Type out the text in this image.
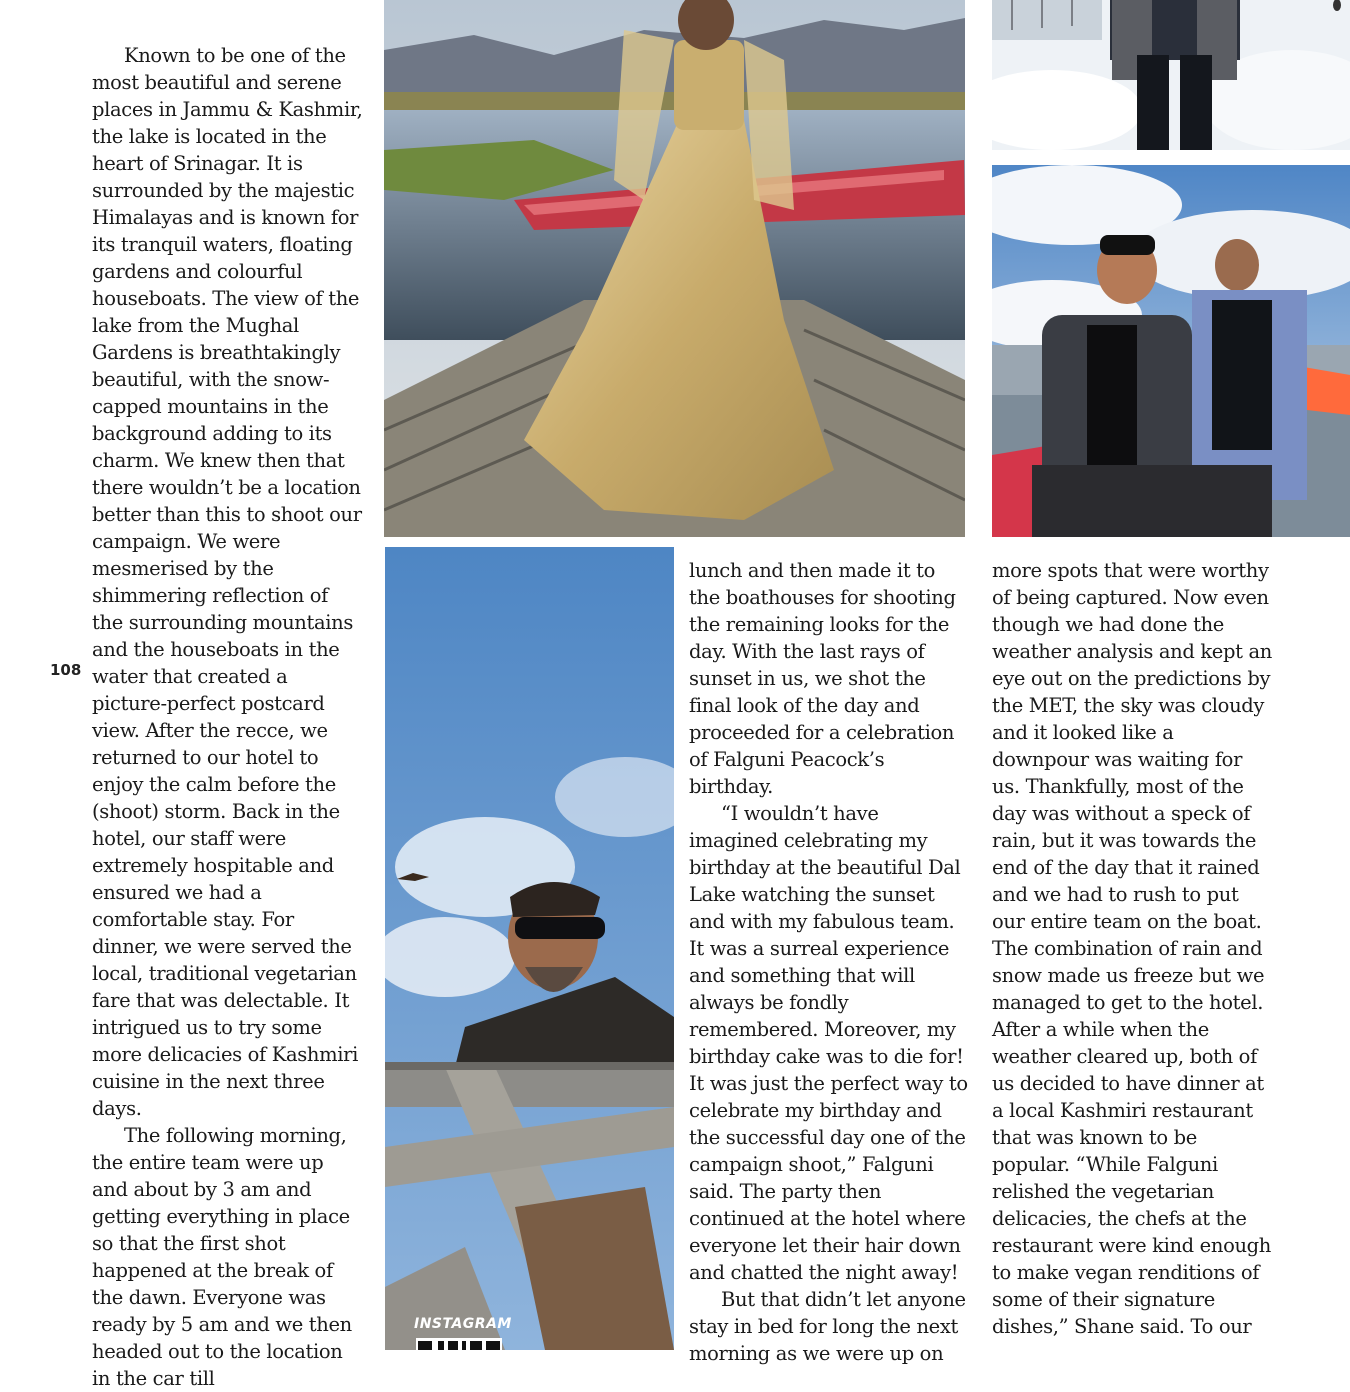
Known to be one of the most beautiful and serene places in Jammu & Kashmir, the lake is located in the heart of Srinagar. It is surrounded by the majestic Himalayas and is known for its tranquil waters, floating gardens and colourful houseboats. The view of the lake from the Mughal Gardens is breathtakingly beautiful, with the snow-capped mountains in the background adding to its charm. We knew then that there wouldn’t be a location better than this to shoot our campaign. We were mesmerised by the shimmering reflection of the surrounding mountains and the houseboats in the water that created a picture-perfect postcard view. After the recce, we returned to our hotel to enjoy the calm before the (shoot) storm. Back in the hotel, our staff were extremely hospitable and ensured we had a comfortable stay. For dinner, we were served the local, traditional vegetarian fare that was delectable. It intrigued us to try some more delicacies of Kashmiri cuisine in the next three days.

The following morning, the entire team were up and about by 3 am and getting everything in place so that the first shot happened at the break of the dawn. Everyone was ready by 5 am and we then headed out to the location in the car till

108
INSTAGRAM

lunch and then made it to the boathouses for shooting the remaining looks for the day. With the last rays of sunset in us, we shot the final look of the day and proceeded for a celebration of Falguni Peacock’s birthday.

“I wouldn’t have imagined celebrating my birthday at the beautiful Dal Lake watching the sunset and with my fabulous team. It was a surreal experience and something that will always be fondly remembered. Moreover, my birthday cake was to die for! It was just the perfect way to celebrate my birthday and the successful day one of the campaign shoot,” Falguni said. The party then continued at the hotel where everyone let their hair down and chatted the night away!

But that didn’t let anyone stay in bed for long the next morning as we were up on

more spots that were worthy of being captured. Now even though we had done the weather analysis and kept an eye out on the predictions by the MET, the sky was cloudy and it looked like a downpour was waiting for us. Thankfully, most of the day was without a speck of rain, but it was towards the end of the day that it rained and we had to rush to put our entire team on the boat. The combination of rain and snow made us freeze but we managed to get to the hotel. After a while when the weather cleared up, both of us decided to have dinner at a local Kashmiri restaurant that was known to be popular. “While Falguni relished the vegetarian delicacies, the chefs at the restaurant were kind enough to make vegan renditions of some of their signature dishes,” Shane said. To our
